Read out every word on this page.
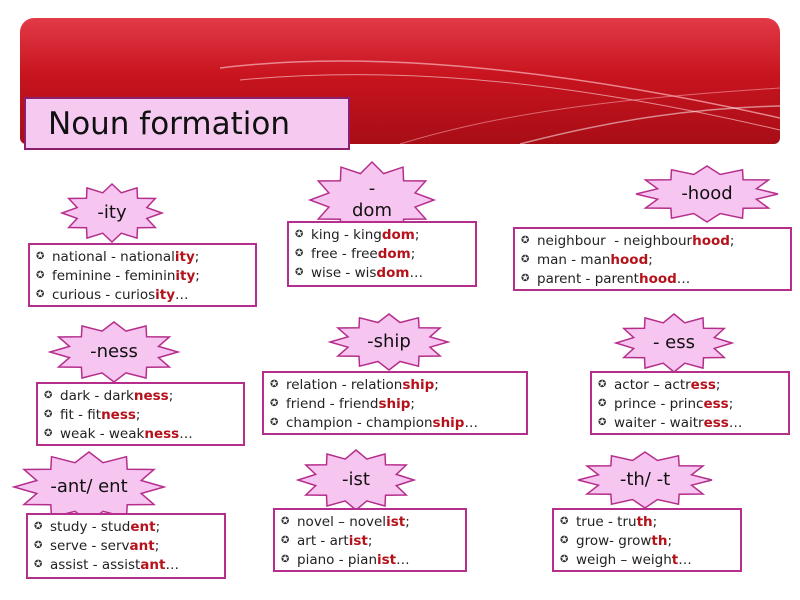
Noun formation
-ity
✪ national - national ity ;
✪ feminine - feminin ity ;
✪ curious - curios ity …
-
dom
✪ king - king dom ;
✪ free - free dom ;
✪ wise - wis dom …
-hood
✪ neighbour  - neighbour hood ;
✪ man - man hood ;
✪ parent - parent hood …
-ness
✪ dark - dark ness ;
✪ fit - fit ness ;
✪ weak - weak ness …
-ship
✪ relation - relation ship ;
✪ friend - friend ship ;
✪ champion - champion ship …
- ess
✪ actor – actr ess ;
✪ prince - princ ess ;
✪ waiter - waitr ess …
-ant/ ent
✪ study - stud ent ;
✪ serve - serv ant ;
✪ assist - assist ant …
-ist
✪ novel – novel ist ;
✪ art - art ist ;
✪ piano - pian ist …
-th/ -t
✪ true - tru th ;
✪ grow- grow th ;
✪ weigh – weigh t …
